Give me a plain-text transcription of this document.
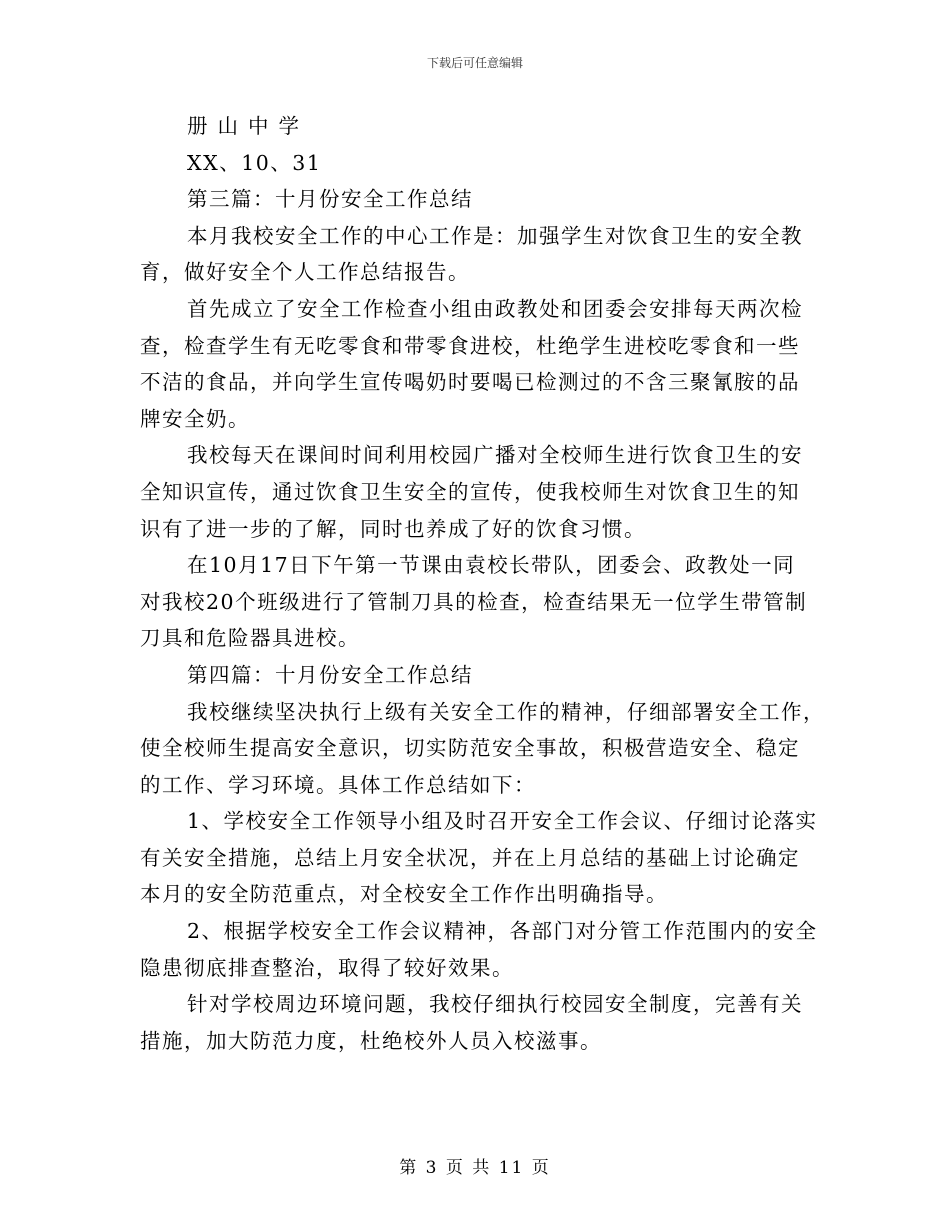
下载后可任意编辑
册山中学
XX、10、31
第三篇：十月份安全工作总结
本月我校安全工作的中心工作是：加强学生对饮食卫生的安全教
育，做好安全个人工作总结报告。
首先成立了安全工作检查小组由政教处和团委会安排每天两次检
查，检查学生有无吃零食和带零食进校，杜绝学生进校吃零食和一些
不洁的食品，并向学生宣传喝奶时要喝已检测过的不含三聚氰胺的品
牌安全奶。
我校每天在课间时间利用校园广播对全校师生进行饮食卫生的安
全知识宣传，通过饮食卫生安全的宣传，使我校师生对饮食卫生的知
识有了进一步的了解，同时也养成了好的饮食习惯。
在10月17日下午第一节课由袁校长带队，团委会、政教处一同
对我校20个班级进行了管制刀具的检查，检查结果无一位学生带管制
刀具和危险器具进校。
第四篇：十月份安全工作总结
我校继续坚决执行上级有关安全工作的精神，仔细部署安全工作，
使全校师生提高安全意识，切实防范安全事故，积极营造安全、稳定
的工作、学习环境。具体工作总结如下：
1、学校安全工作领导小组及时召开安全工作会议、仔细讨论落实
有关安全措施，总结上月安全状况，并在上月总结的基础上讨论确定
本月的安全防范重点，对全校安全工作作出明确指导。
2、根据学校安全工作会议精神，各部门对分管工作范围内的安全
隐患彻底排查整治，取得了较好效果。
针对学校周边环境问题，我校仔细执行校园安全制度，完善有关
措施，加大防范力度，杜绝校外人员入校滋事。
第 3 页 共 11 页
